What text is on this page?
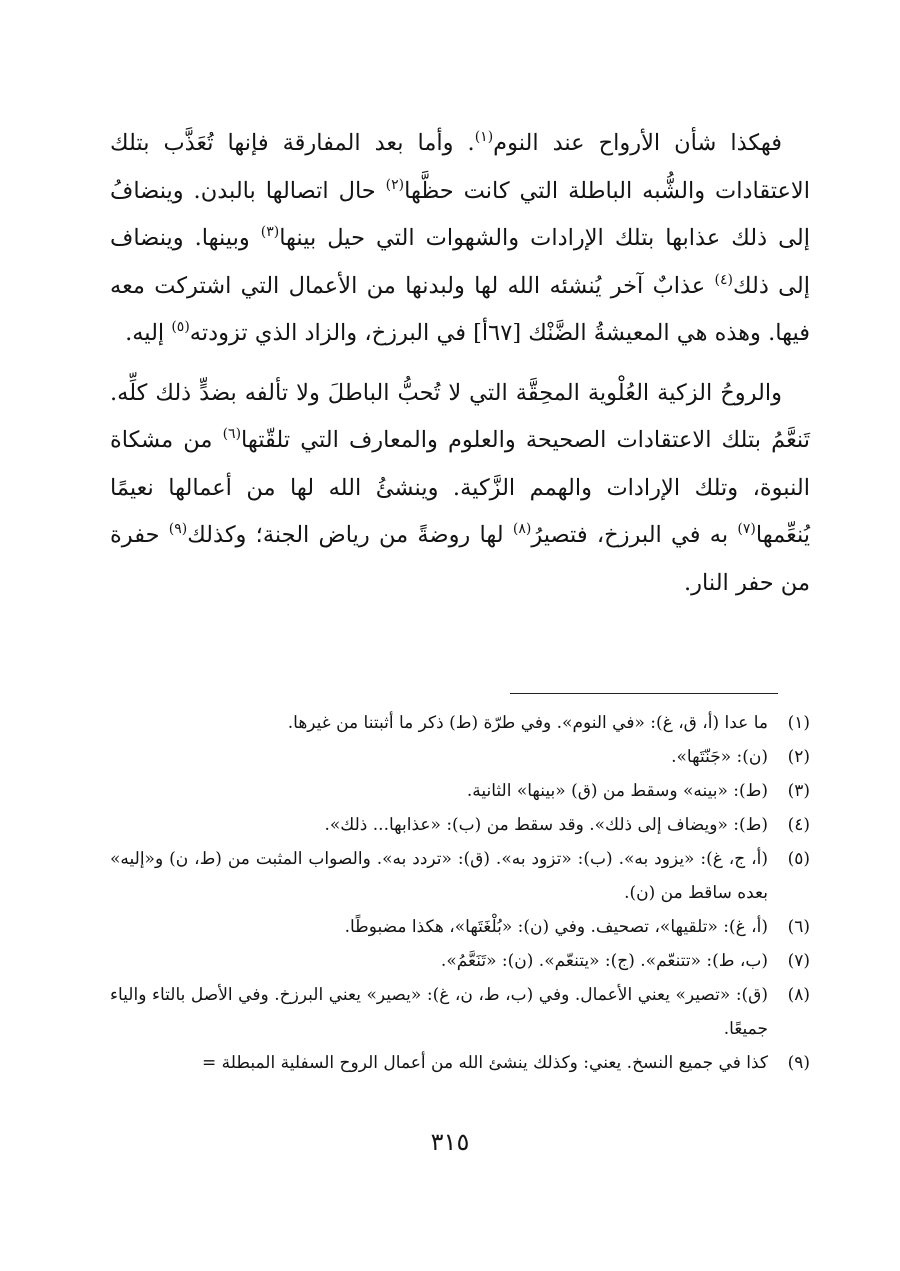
فهكذا شأن الأرواح عند النوم$^{(١)}$. وأما بعد المفارقة فإنها تُعَذَّب بتلك الاعتقادات والشُّبه الباطلة التي كانت حظَّها$^{(٢)}$ حال اتصالها بالبدن. وينضافُ إلى ذلك عذابها بتلك الإرادات والشهوات التي حيل بينها$^{(٣)}$ وبينها. وينضاف إلى ذلك$^{(٤)}$ عذابٌ آخر يُنشئه الله لها ولبدنها من الأعمال التي اشتركت معه فيها. وهذه هي المعيشةُ الضَّنْك [٦٧أ] في البرزخ، والزاد الذي تزودته$^{(٥)}$ إليه.

والروحُ الزكية العُلْوية المحِقَّة التي لا تُحبُّ الباطلَ ولا تألفه بضدٍّ ذلك كلِّه. تَنعَّمُ بتلك الاعتقادات الصحيحة والعلوم والمعارف التي تلقّتها$^{(٦)}$ من مشكاة النبوة، وتلك الإرادات والهمم الزَّكية. وينشئُ الله لها من أعمالها نعيمًا يُنعِّمها$^{(٧)}$ به في البرزخ، فتصيرُ$^{(٨)}$ لها روضةً من رياض الجنة؛ وكذلك$^{(٩)}$ حفرة من حفر النار.

(١)
ما عدا (أ، ق، غ): «في النوم». وفي طرّة (ط) ذكر ما أثبتنا من غيرها.
(٢)
(ن): «جَنّتَها».
(٣)
(ط): «بينه» وسقط من (ق) «بينها» الثانية.
(٤)
(ط): «ويضاف إلى ذلك». وقد سقط من (ب): «عذابها... ذلك».
(٥)
(أ، ج، غ): «يزود به». (ب): «تزود به». (ق): «تردد به». والصواب المثبت من (ط، ن) و«إليه» بعده ساقط من (ن).
(٦)
(أ، غ): «تلقيها»، تصحيف. وفي (ن): «بُلْغَتَها»، هكذا مضبوطًا.
(٧)
(ب، ط): «تتنعّم». (ج): «يتنعّم». (ن): «تَنَعَّمُ».
(٨)
(ق): «تصير» يعني الأعمال. وفي (ب، ط، ن، غ): «يصير» يعني البرزخ. وفي الأصل بالتاء والياء جميعًا.
(٩)
كذا في جميع النسخ. يعني: وكذلك ينشئ الله من أعمال الروح السفلية المبطلة =
٣١٥
